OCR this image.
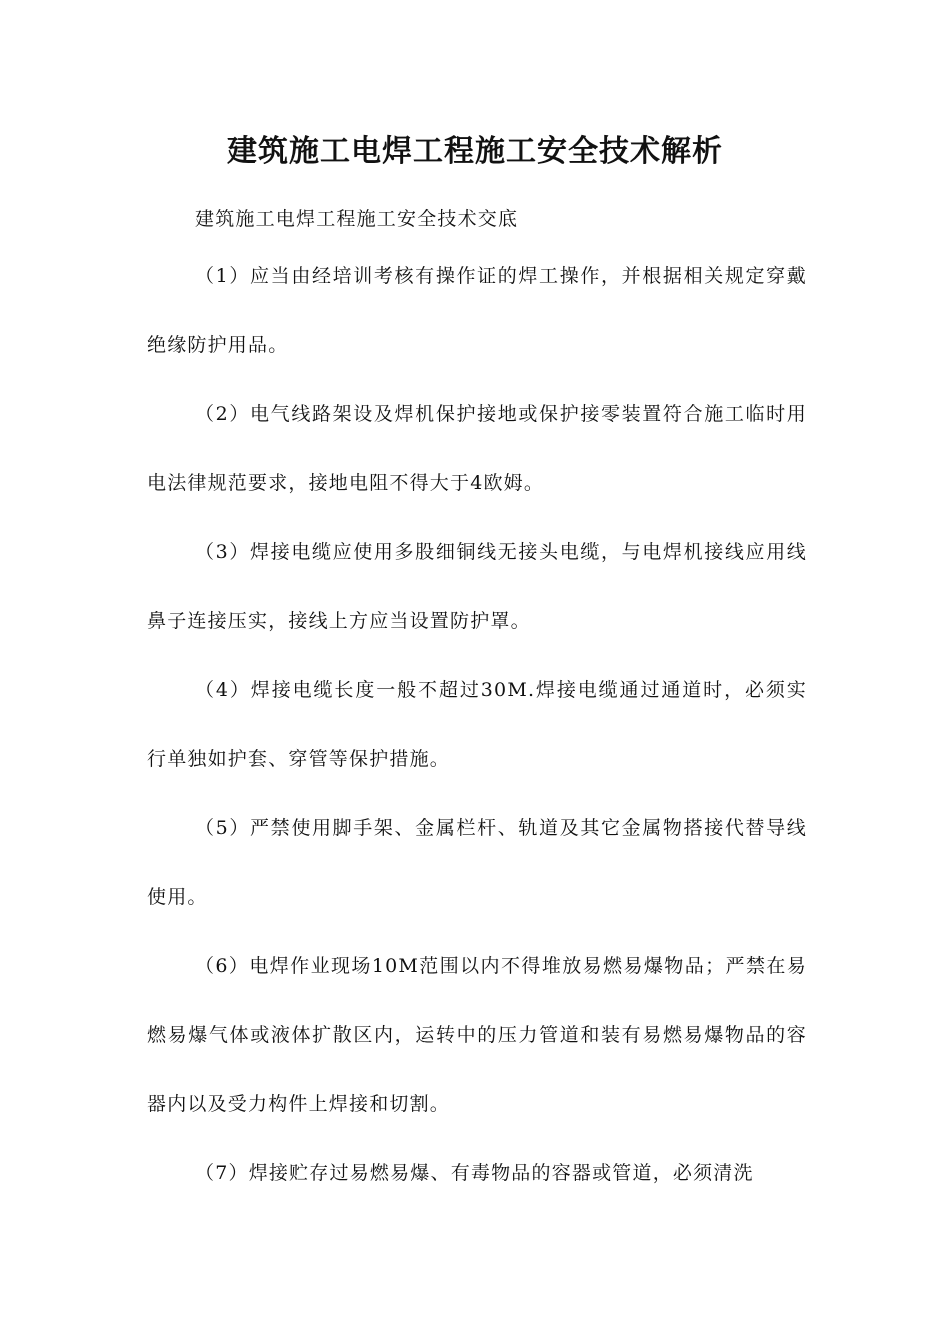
建筑施工电焊工程施工安全技术解析

建筑施工电焊工程施工安全技术交底

（1）应当由经培训考核有操作证的焊工操作，并根据相关规定穿戴绝缘防护用品。

（2）电气线路架设及焊机保护接地或保护接零装置符合施工临时用电法律规范要求，接地电阻不得大于4欧姆。

（3）焊接电缆应使用多股细铜线无接头电缆，与电焊机接线应用线鼻子连接压实，接线上方应当设置防护罩。

（4）焊接电缆长度一般不超过30M.焊接电缆通过通道时，必须实行单独如护套、穿管等保护措施。

（5）严禁使用脚手架、金属栏杆、轨道及其它金属物搭接代替导线使用。

（6）电焊作业现场10M范围以内不得堆放易燃易爆物品；严禁在易燃易爆气体或液体扩散区内，运转中的压力管道和装有易燃易爆物品的容器内以及受力构件上焊接和切割。

（7）焊接贮存过易燃易爆、有毒物品的容器或管道，必须清洗
